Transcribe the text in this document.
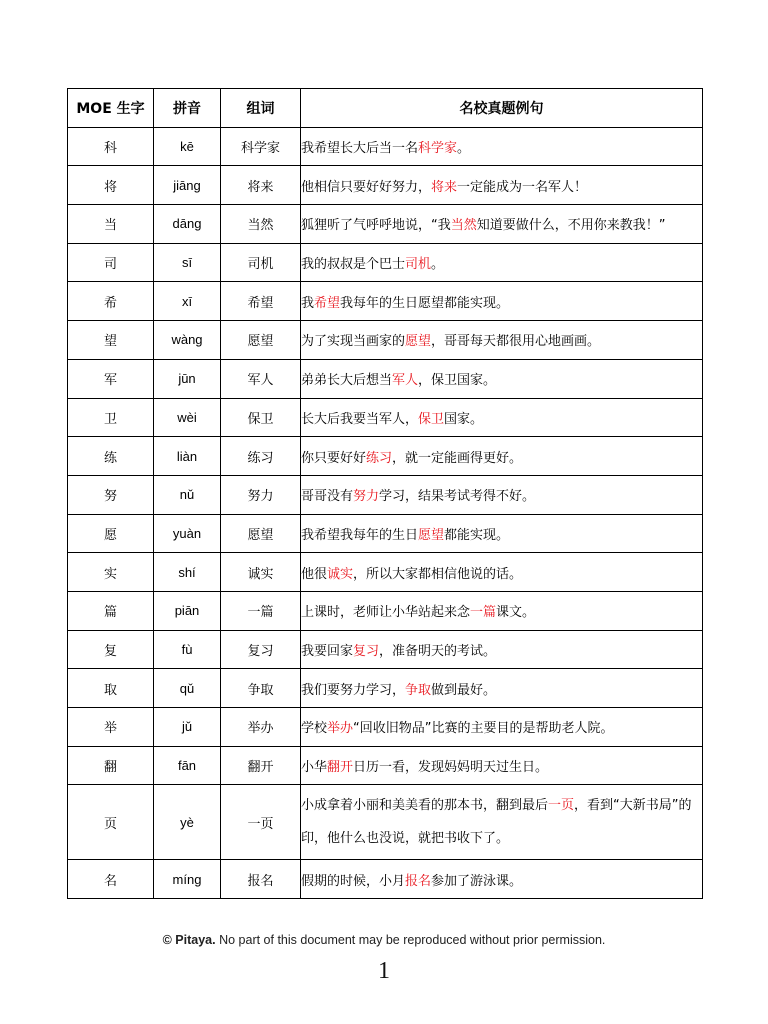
MOE 生字	拼音	组词	名校真题例句
科	kē	科学家	我希望长大后当一名科学家。
将	jiāng	将来	他相信只要好好努力，将来一定能成为一名军人！
当	dāng	当然	狐狸听了气呼呼地说，“我当然知道要做什么，不用你来教我！”
司	sī	司机	我的叔叔是个巴士司机。
希	xī	希望	我希望我每年的生日愿望都能实现。
望	wàng	愿望	为了实现当画家的愿望，哥哥每天都很用心地画画。
军	jūn	军人	弟弟长大后想当军人，保卫国家。
卫	wèi	保卫	长大后我要当军人，保卫国家。
练	liàn	练习	你只要好好练习，就一定能画得更好。
努	nǔ	努力	哥哥没有努力学习，结果考试考得不好。
愿	yuàn	愿望	我希望我每年的生日愿望都能实现。
实	shí	诚实	他很诚实，所以大家都相信他说的话。
篇	piān	一篇	上课时，老师让小华站起来念一篇课文。
复	fù	复习	我要回家复习，准备明天的考试。
取	qǔ	争取	我们要努力学习，争取做到最好。
举	jǔ	举办	学校举办“回收旧物品”比赛的主要目的是帮助老人院。
翻	fān	翻开	小华翻开日历一看，发现妈妈明天过生日。
页	yè	一页	小成拿着小丽和美美看的那本书，翻到最后一页，看到“大新书局”的印，他什么也没说，就把书收下了。
名	míng	报名	假期的时候，小月报名参加了游泳课。
© Pitaya. No part of this document may be reproduced without prior permission.
1
